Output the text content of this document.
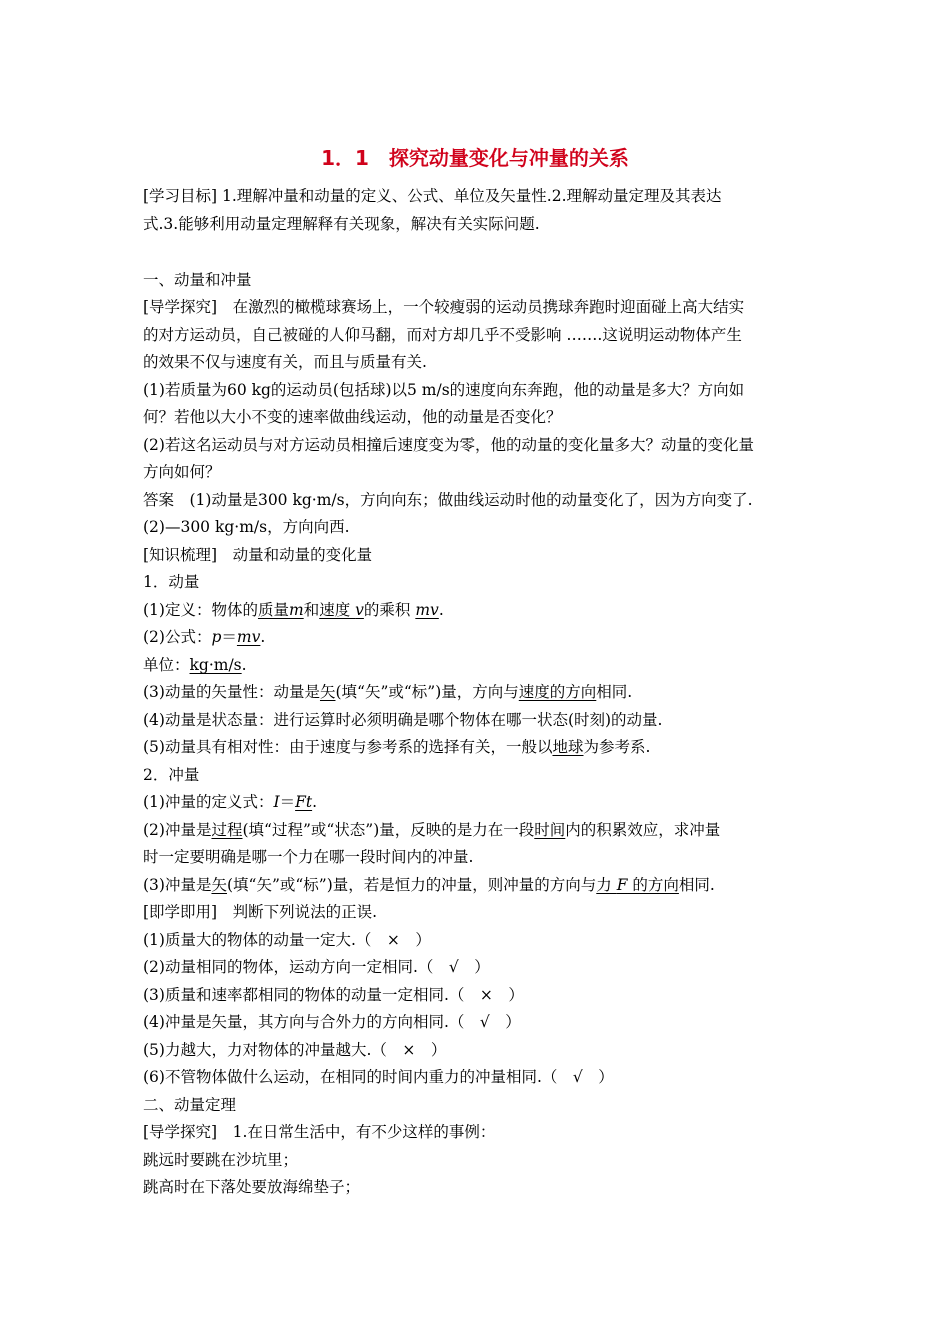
1．1　探究动量变化与冲量的关系
[学习目标] 1.理解冲量和动量的定义、公式、单位及矢量性.2.理解动量定理及其表达
式.3.能够利用动量定理解释有关现象，解决有关实际问题.
一、动量和冲量
[导学探究]　在激烈的橄榄球赛场上，一个较瘦弱的运动员携球奔跑时迎面碰上高大结实
的对方运动员，自己被碰的人仰马翻，而对方却几乎不受影响 …….这说明运动物体产生
的效果不仅与速度有关，而且与质量有关.
(1)若质量为60 kg的运动员(包括球)以5 m/s的速度向东奔跑，他的动量是多大？方向如
何？若他以大小不变的速率做曲线运动，他的动量是否变化？
(2)若这名运动员与对方运动员相撞后速度变为零，他的动量的变化量多大？动量的变化量
方向如何？
答案　(1)动量是300 kg·m/s，方向向东；做曲线运动时他的动量变化了，因为方向变了.
(2)—300 kg·m/s，方向向西.
[知识梳理]　动量和动量的变化量
1．动量
(1)定义：物体的质量m和速度 v的乘积 mv.
(2)公式：p＝mv.
单位：kg·m/s.
(3)动量的矢量性：动量是矢(填“矢”或“标”)量，方向与速度的方向相同.
(4)动量是状态量：进行运算时必须明确是哪个物体在哪一状态(时刻)的动量.
(5)动量具有相对性：由于速度与参考系的选择有关，一般以地球为参考系.
2．冲量
(1)冲量的定义式：I＝Ft.
(2)冲量是过程(填“过程”或“状态”)量，反映的是力在一段时间内的积累效应，求冲量
时一定要明确是哪一个力在哪一段时间内的冲量.
(3)冲量是矢(填“矢”或“标”)量，若是恒力的冲量，则冲量的方向与力 F 的方向相同.
[即学即用]　判断下列说法的正误.
(1)质量大的物体的动量一定大.（　×　）
(2)动量相同的物体，运动方向一定相同.（　√　）
(3)质量和速率都相同的物体的动量一定相同.（　×　）
(4)冲量是矢量，其方向与合外力的方向相同.（　√　）
(5)力越大，力对物体的冲量越大.（　×　）
(6)不管物体做什么运动，在相同的时间内重力的冲量相同.（　√　）
二、动量定理
[导学探究]　1.在日常生活中，有不少这样的事例：
跳远时要跳在沙坑里；
跳高时在下落处要放海绵垫子；
